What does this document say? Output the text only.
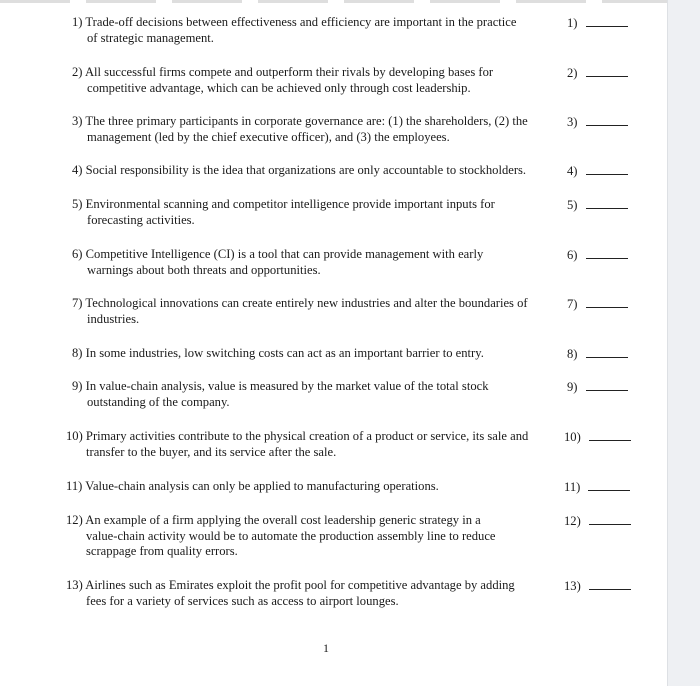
1) Trade-off decisions between effectiveness and efficiency are important in the practice
of strategic management.
1)
2) All successful firms compete and outperform their rivals by developing bases for
competitive advantage, which can be achieved only through cost leadership.
2)
3) The three primary participants in corporate governance are: (1) the shareholders, (2) the
management (led by the chief executive officer), and (3) the employees.
3)
4) Social responsibility is the idea that organizations are only accountable to stockholders.	4)
5) Environmental scanning and competitor intelligence provide important inputs for
forecasting activities.
5)
6) Competitive Intelligence (CI) is a tool that can provide management with early
warnings about both threats and opportunities.
6)
7) Technological innovations can create entirely new industries and alter the boundaries of
industries.
7)
8) In some industries, low switching costs can act as an important barrier to entry.	8)
9) In value-chain analysis, value is measured by the market value of the total stock
outstanding of the company.
9)
10) Primary activities contribute to the physical creation of a product or service, its sale and
transfer to the buyer, and its service after the sale.
10)
11) Value-chain analysis can only be applied to manufacturing operations.	11)
12) An example of a firm applying the overall cost leadership generic strategy in a
value-chain activity would be to automate the production assembly line to reduce scrappage from quality errors.
12)
13) Airlines such as Emirates exploit the profit pool for competitive advantage by adding
fees for a variety of services such as access to airport lounges.
13)
1
